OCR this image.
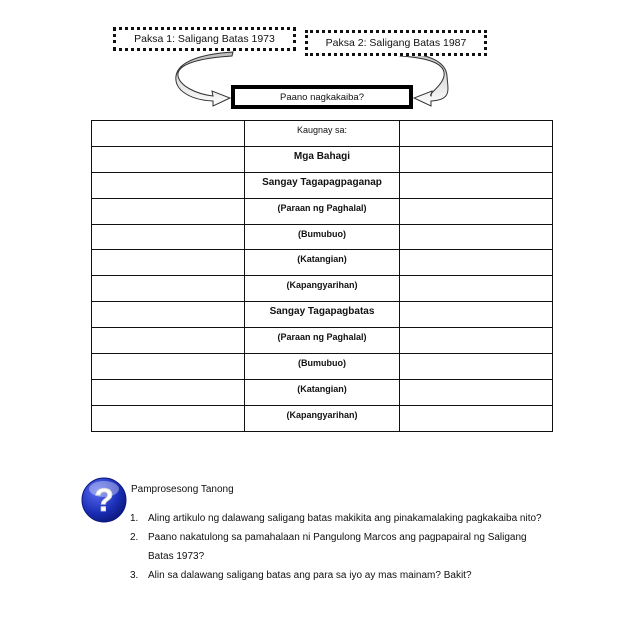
Paksa 1: Saligang Batas 1973	Paksa 2: Saligang Batas 1987
Paano nagkakaiba?

	Kaugnay sa:	

	Mga Bahagi	

	Sangay Tagapagpaganap	

	(Paraan ng Paghalal)	

	(Bumubuo)	

	(Katangian)	

	(Kapangyarihan)	

	Sangay Tagapagbatas	

	(Paraan ng Paghalal)	

	(Bumubuo)	

	(Katangian)	

	(Kapangyarihan)	

? Pamprosesong Tanong
1. Aling artikulo ng dalawang saligang batas makikita ang pinakamalaking pagkakaiba nito?
2. Paano nakatulong sa pamahalaan ni Pangulong Marcos ang pagpapairal ng Saligang Batas 1973?
3. Alin sa dalawang saligang batas ang para sa iyo ay mas mainam? Bakit?
